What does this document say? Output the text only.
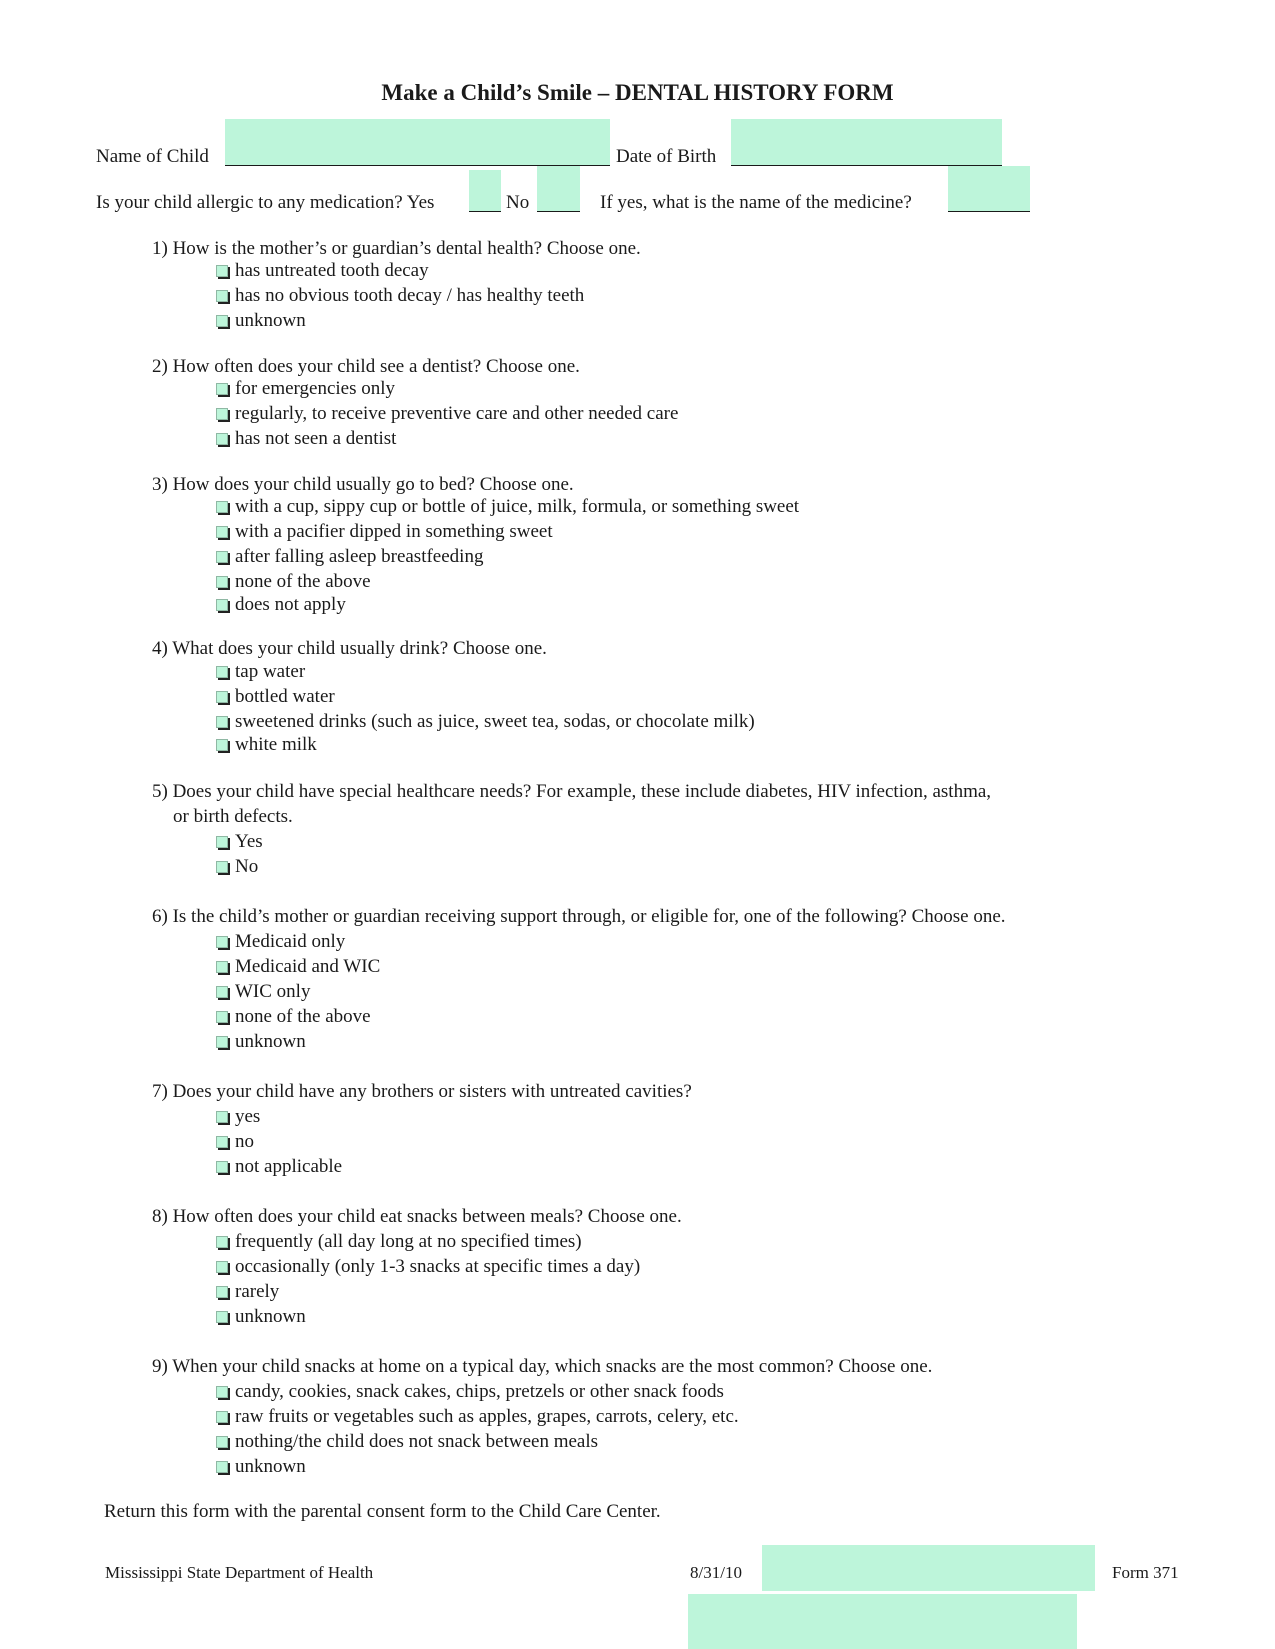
Make a Child’s Smile – DENTAL HISTORY FORM
Name of Child	Date of Birth
Is your child allergic to any medication? Yes	No	If yes, what is the name of the medicine?
1) How is the mother’s or guardian’s dental health? Choose one.
has untreated tooth decay
has no obvious tooth decay / has healthy teeth
unknown
2) How often does your child see a dentist? Choose one.
for emergencies only
regularly, to receive preventive care and other needed care
has not seen a dentist
3) How does your child usually go to bed? Choose one.
with a cup, sippy cup or bottle of juice, milk, formula, or something sweet
with a pacifier dipped in something sweet
after falling asleep breastfeeding
none of the above
does not apply
4) What does your child usually drink? Choose one.
tap water
bottled water
sweetened drinks (such as juice, sweet tea, sodas, or chocolate milk)
white milk
5) Does your child have special healthcare needs? For example, these include diabetes, HIV infection, asthma,
or birth defects.
Yes
No
6) Is the child’s mother or guardian receiving support through, or eligible for, one of the following? Choose one.
Medicaid only
Medicaid and WIC
WIC only
none of the above
unknown
7) Does your child have any brothers or sisters with untreated cavities?
yes
no
not applicable
8) How often does your child eat snacks between meals? Choose one.
frequently (all day long at no specified times)
occasionally (only 1-3 snacks at specific times a day)
rarely
unknown
9) When your child snacks at home on a typical day, which snacks are the most common? Choose one.
candy, cookies, snack cakes, chips, pretzels or other snack foods
raw fruits or vegetables such as apples, grapes, carrots, celery, etc.
nothing/the child does not snack between meals
unknown
Return this form with the parental consent form to the Child Care Center.
Mississippi State Department of Health	8/31/10	Form 371
